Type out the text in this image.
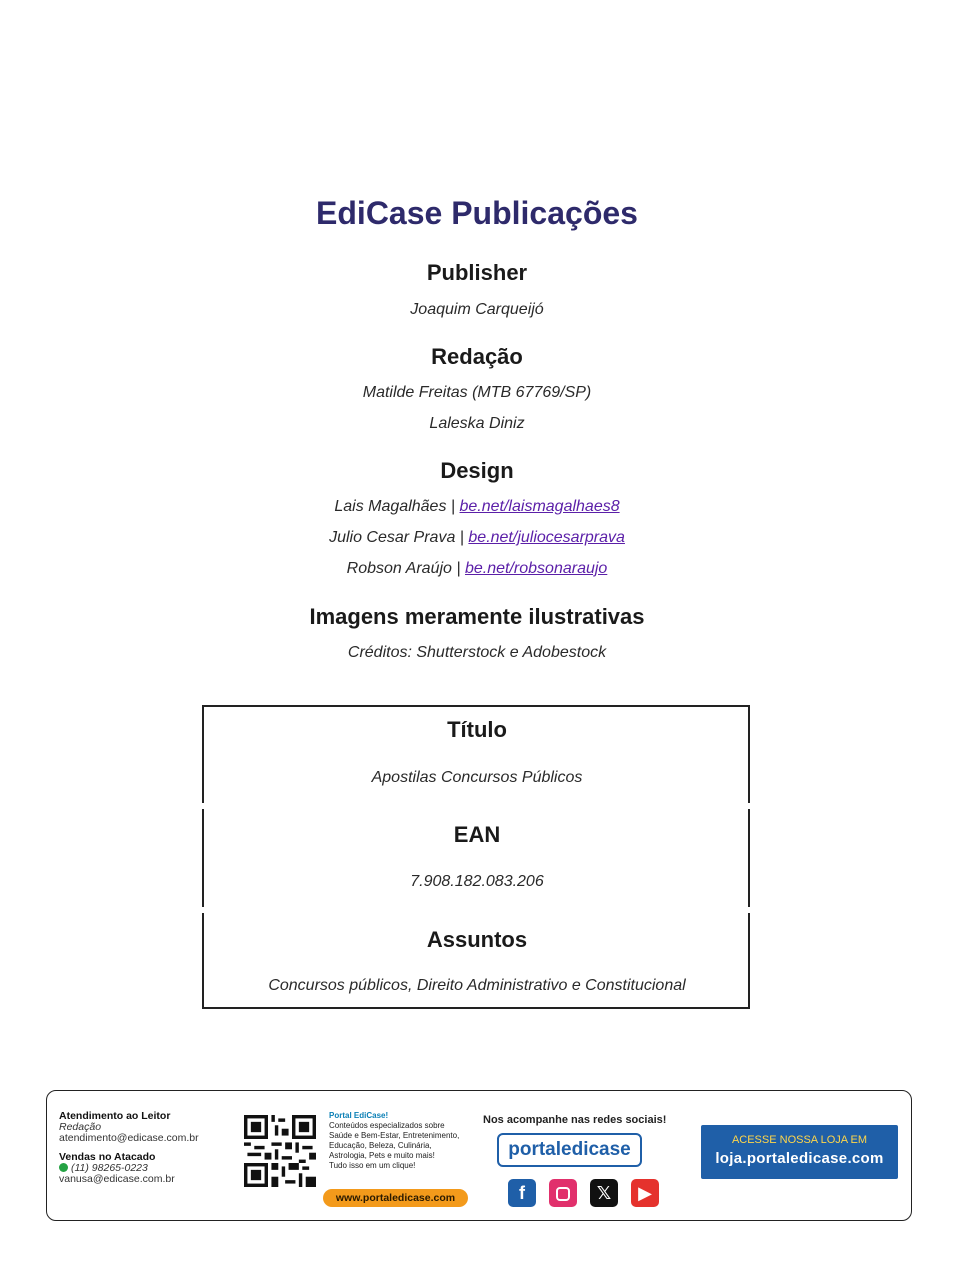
EdiCase Publicações
Publisher
Joaquim Carqueijó
Redação
Matilde Freitas (MTB 67769/SP)
Laleska Diniz
Design
Lais Magalhães | be.net/laismagalhaes8
Julio Cesar Prava | be.net/juliocesarprava
Robson Araújo | be.net/robsonaraujo
Imagens meramente ilustrativas
Créditos: Shutterstock e Adobestock
Título
Apostilas Concursos Públicos
EAN
7.908.182.083.206
Assuntos
Concursos públicos, Direito Administrativo e Constitucional
Atendimento ao Leitor
Redação
atendimento@edicase.com.br
Vendas no Atacado
(11) 98265-0223
vanusa@edicase.com.br
Portal EdiCase!
Conteúdos especializados sobre
Saúde e Bem-Estar, Entretenimento,
Educação, Beleza, Culinária,
Astrologia, Pets e muito mais!
Tudo isso em um clique!
www.portaledicase.com
Nos acompanhe nas redes sociais!
portaledicase
f	𝕏	▶
ACESSE NOSSA LOJA EM
loja.portaledicase.com
